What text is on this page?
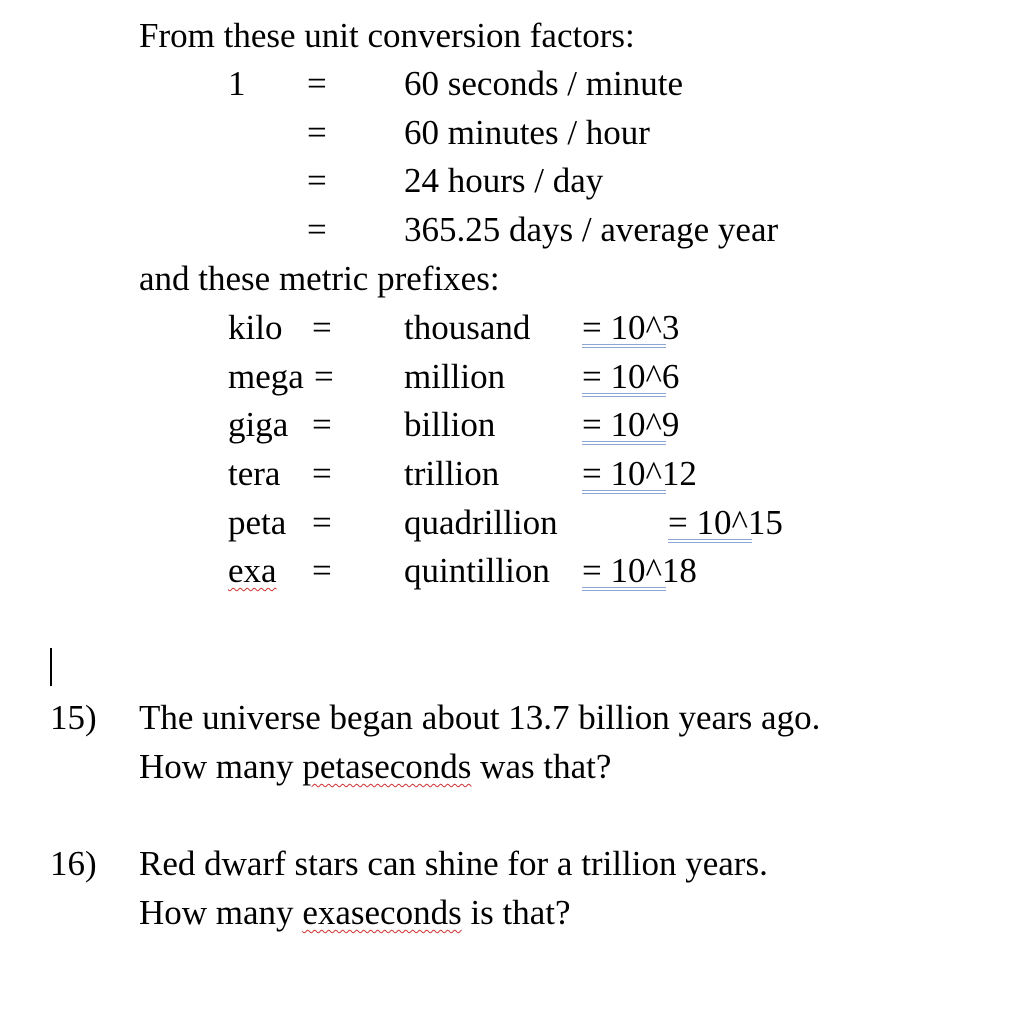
From these unit conversion factors:
1 = 60 seconds / minute
= 60 minutes / hour
= 24 hours / day
= 365.25 days / average year
and these metric prefixes:
kilo = thousand = 10^3
mega = million = 10^6
giga = billion = 10^9
tera = trillion = 10^12
peta = quadrillion	= 10^15
exa = quintillion = 10^18
15) The universe began about 13.7 billion years ago.
How many petaseconds was that?
16) Red dwarf stars can shine for a trillion years.
How many exaseconds is that?
